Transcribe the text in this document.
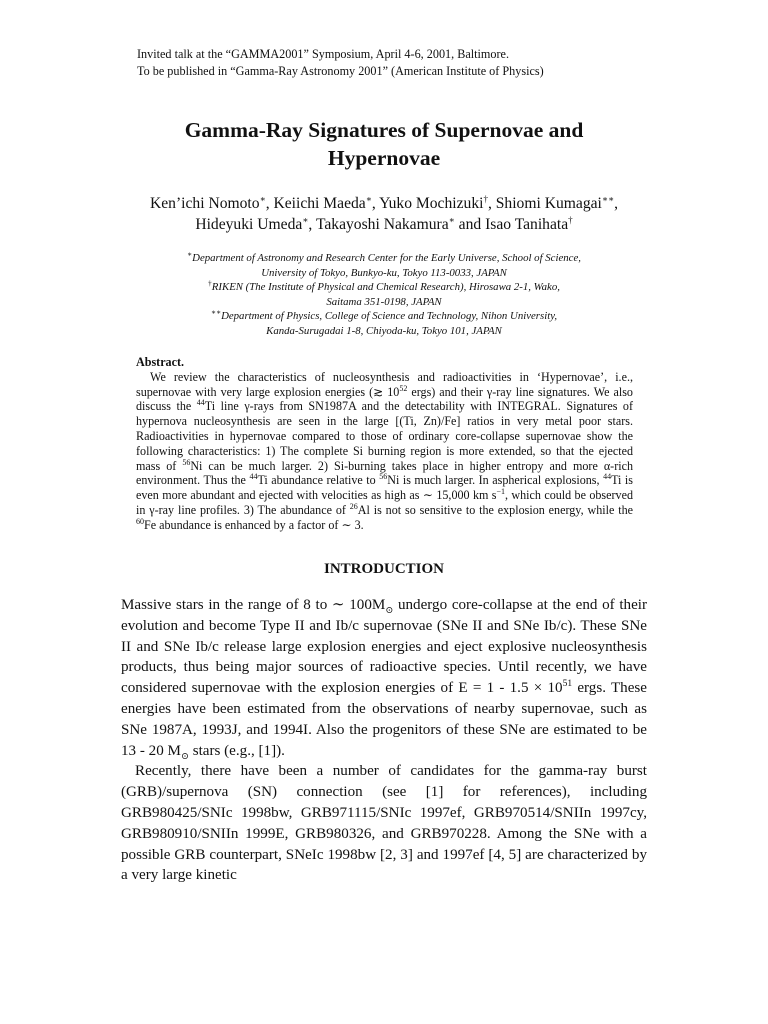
Invited talk at the “GAMMA2001” Symposium, April 4-6, 2001, Baltimore.
To be published in “Gamma-Ray Astronomy 2001” (American Institute of Physics)
Gamma-Ray Signatures of Supernovae and
Hypernovae
Ken’ichi Nomoto∗, Keiichi Maeda∗, Yuko Mochizuki†, Shiomi Kumagai∗∗,
Hideyuki Umeda∗, Takayoshi Nakamura∗ and Isao Tanihata†
∗Department of Astronomy and Research Center for the Early Universe, School of Science,
University of Tokyo, Bunkyo-ku, Tokyo 113-0033, JAPAN
†RIKEN (The Institute of Physical and Chemical Research), Hirosawa 2-1, Wako,
Saitama 351-0198, JAPAN
∗∗Department of Physics, College of Science and Technology, Nihon University,
Kanda-Surugadai 1-8, Chiyoda-ku, Tokyo 101, JAPAN
Abstract.
We review the characteristics of nucleosynthesis and radioactivities in ‘Hypernovae’, i.e., supernovae with very large explosion energies (≳ $10^{52}$ ergs) and their γ-ray line signatures. We also discuss the $^{44}$Ti line γ-rays from SN1987A and the detectability with INTEGRAL. Signatures of hypernova nucleosynthesis are seen in the large [(Ti, Zn)/Fe] ratios in very metal poor stars. Radioactivities in hypernovae compared to those of ordinary core-collapse supernovae show the following characteristics: 1) The complete Si burning region is more extended, so that the ejected mass of $^{56}$Ni can be much larger. 2) Si-burning takes place in higher entropy and more α-rich environment. Thus the $^{44}$Ti abundance relative to $^{56}$Ni is much larger. In aspherical explosions, $^{44}$Ti is even more abundant and ejected with velocities as high as ∼ 15,000 km $s^{-1}$, which could be observed in γ-ray line profiles. 3) The abundance of $^{26}$Al is not so sensitive to the explosion energy, while the $^{60}$Fe abundance is enhanced by a factor of ∼ 3.
INTRODUCTION

Massive stars in the range of 8 to ∼ $100M_⊙$ undergo core-collapse at the end of their evolution and become Type II and Ib/c supernovae (SNe II and SNe Ib/c). These SNe II and SNe Ib/c release large explosion energies and eject explosive nucleosynthesis products, thus being major sources of radioactive species. Until recently, we have considered supernovae with the explosion energies of $E = 1 - 1.5 \times 10^{51}$ ergs. These energies have been estimated from the observations of nearby supernovae, such as SNe 1987A, 1993J, and 1994I. Also the progenitors of these SNe are estimated to be 13 - 20 $M_⊙$ stars (e.g., [1]).

Recently, there have been a number of candidates for the gamma-ray burst (GRB)/supernova (SN) connection (see [1] for references), including GRB980425/SNIc 1998bw, GRB971115/SNIc 1997ef, GRB970514/SNIIn 1997cy, GRB980910/SNIIn 1999E, GRB980326, and GRB970228. Among the SNe with a possible GRB counterpart, SNeIc 1998bw [2, 3] and 1997ef [4, 5] are characterized by a very large kinetic
